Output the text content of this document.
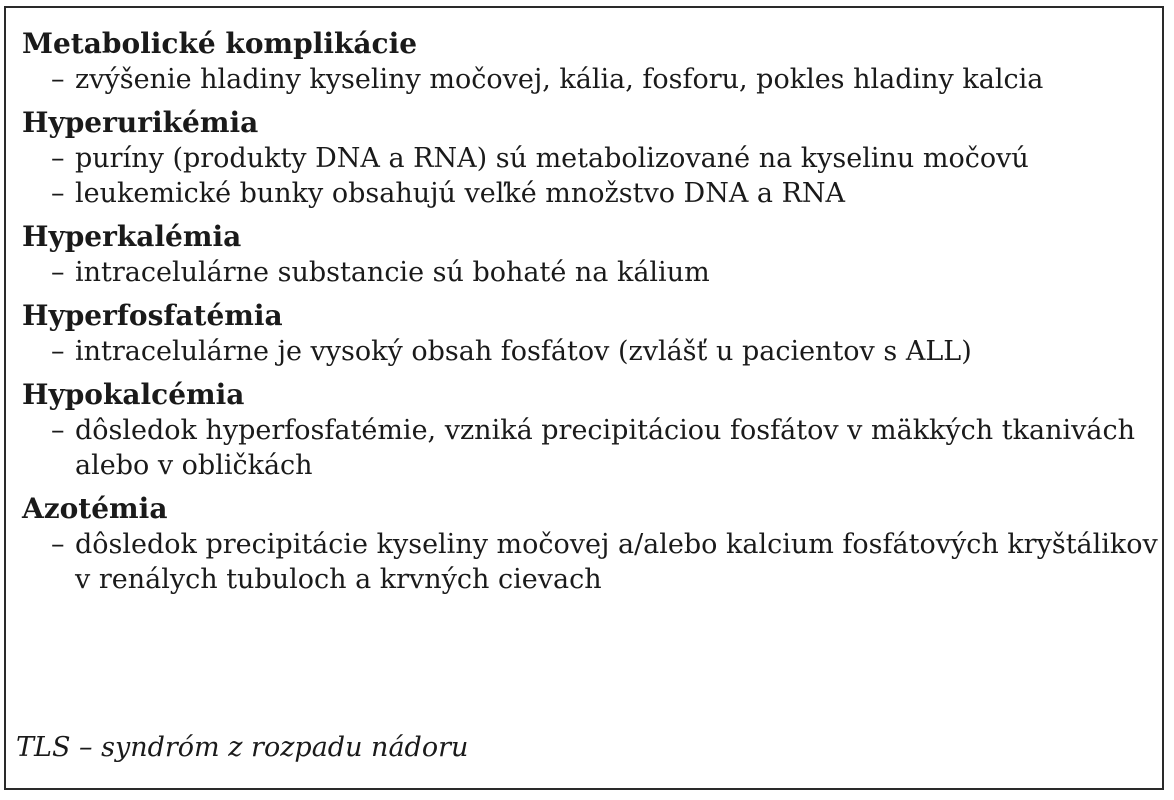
Metabolické komplikácie

– zvýšenie hladiny kyseliny močovej, kália, fosforu, pokles hladiny kalcia

Hyperurikémia

– puríny (produkty DNA a RNA) sú metabolizované na kyselinu močovú

– leukemické bunky obsahujú veľké množstvo DNA a RNA

Hyperkalémia

– intracelulárne substancie sú bohaté na kálium

Hyperfosfatémia

– intracelulárne je vysoký obsah fosfátov (zvlášť u pacientov s ALL)

Hypokalcémia

– dôsledok hyperfosfatémie, vzniká precipitáciou fosfátov v mäkkých tkanivách alebo v obličkách

Azotémia

– dôsledok precipitácie kyseliny močovej a/alebo kalcium fosfátových kryštálikov v renálych tubuloch a krvných cievach

TLS – syndróm z rozpadu nádoru
